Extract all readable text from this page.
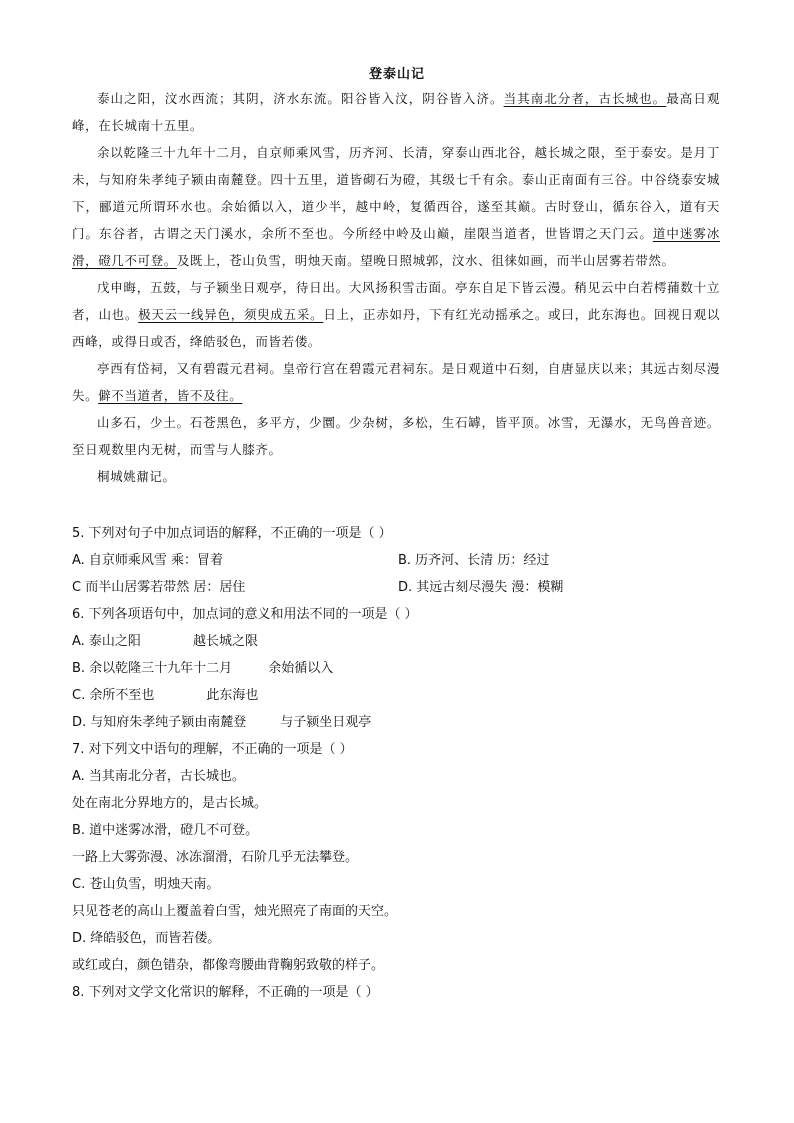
登泰山记

泰山之阳，汶水西流；其阴，济水东流。阳谷皆入汶，阴谷皆入济。当其南北分者，古长城也。最高日观峰，在长城南十五里。

余以乾隆三十九年十二月，自京师乘风雪，历齐河、长清，穿泰山西北谷，越长城之限，至于泰安。是月丁未，与知府朱孝纯子颍由南麓登。四十五里，道皆砌石为磴，其级七千有余。泰山正南面有三谷。中谷绕泰安城下，郦道元所谓环水也。余始循以入，道少半，越中岭，复循西谷，遂至其巅。古时登山，循东谷入，道有天门。东谷者，古谓之天门溪水，余所不至也。今所经中岭及山巅，崖限当道者，世皆谓之天门云。道中迷雾冰滑，磴几不可登。及既上，苍山负雪，明烛天南。望晚日照城郭，汶水、徂徕如画，而半山居雾若带然。

戊申晦，五鼓，与子颍坐日观亭，待日出。大风扬积雪击面。亭东自足下皆云漫。稍见云中白若樗蒱数十立者，山也。极天云一线异色，须臾成五采。日上，正赤如丹，下有红光动摇承之。或曰，此东海也。回视日观以西峰，或得日或否，绛皓驳色，而皆若偻。

亭西有岱祠，又有碧霞元君祠。皇帝行宫在碧霞元君祠东。是日观道中石刻，自唐显庆以来；其远古刻尽漫失。僻不当道者，皆不及往。

山多石，少土。石苍黑色，多平方，少圜。少杂树，多松，生石罅，皆平顶。冰雪，无瀑水，无鸟兽音迹。至日观数里内无树，而雪与人膝齐。

桐城姚鼐记。

5. 下列对句子中加点词语的解释，不正确的一项是（ ）
A. 自京师乘风雪 乘：冒着	B. 历齐河、长清 历：经过
C 而半山居雾若带然 居：居住	D. 其远古刻尽漫失 漫：模糊
6. 下列各项语句中，加点词的意义和用法不同的一项是（ ）
A. 泰山之阳	越长城之限
B. 余以乾隆三十九年十二月	余始循以入
C. 余所不至也	此东海也
D. 与知府朱孝纯子颍由南麓登	与子颍坐日观亭
7. 对下列文中语句的理解，不正确的一项是（ ）
A. 当其南北分者，古长城也。
处在南北分界地方的，是古长城。
B. 道中迷雾冰滑，磴几不可登。
一路上大雾弥漫、冰冻溜滑，石阶几乎无法攀登。
C. 苍山负雪，明烛天南。
只见苍老的高山上覆盖着白雪，烛光照亮了南面的天空。
D. 绛皓驳色，而皆若偻。
或红或白，颜色错杂，都像弯腰曲背鞠躬致敬的样子。
8. 下列对文学文化常识的解释，不正确的一项是（ ）
